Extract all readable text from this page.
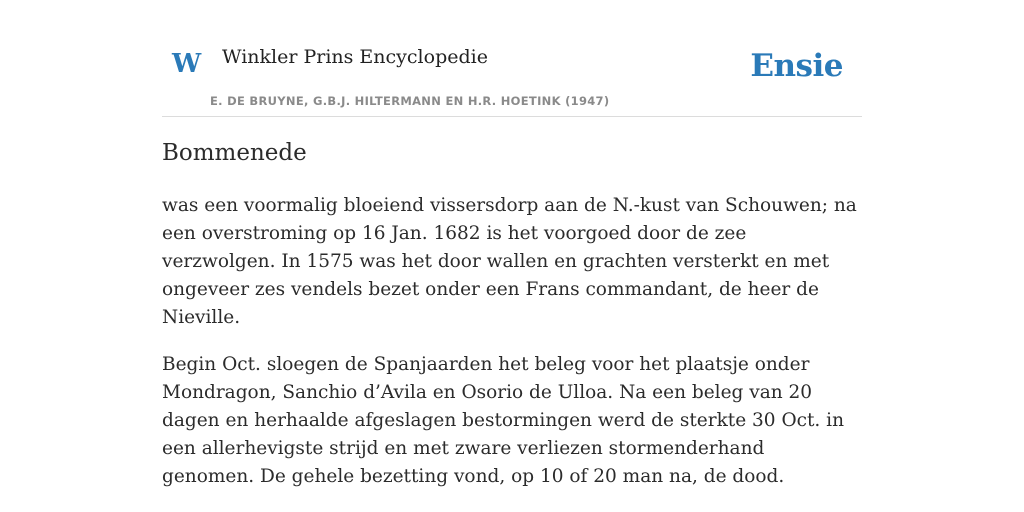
W Winkler Prins Encyclopedie
E. DE BRUYNE, G.B.J. HILTERMANN EN H.R. HOETINK (1947)
Ensie
Bommenede

was een voormalig bloeiend vissersdorp aan de N.-kust van Schouwen; na een overstroming op 16 Jan. 1682 is het voorgoed door de zee verzwolgen. In 1575 was het door wallen en grachten versterkt en met ongeveer zes vendels bezet onder een Frans commandant, de heer de Nieville.

Begin Oct. sloegen de Spanjaarden het beleg voor het plaatsje onder Mondragon, Sanchio d’Avila en Osorio de Ulloa. Na een beleg van 20 dagen en herhaalde afgeslagen bestormingen werd de sterkte 30 Oct. in een allerhevigste strijd en met zware verliezen stormenderhand genomen. De gehele bezetting vond, op 10 of 20 man na, de dood.
